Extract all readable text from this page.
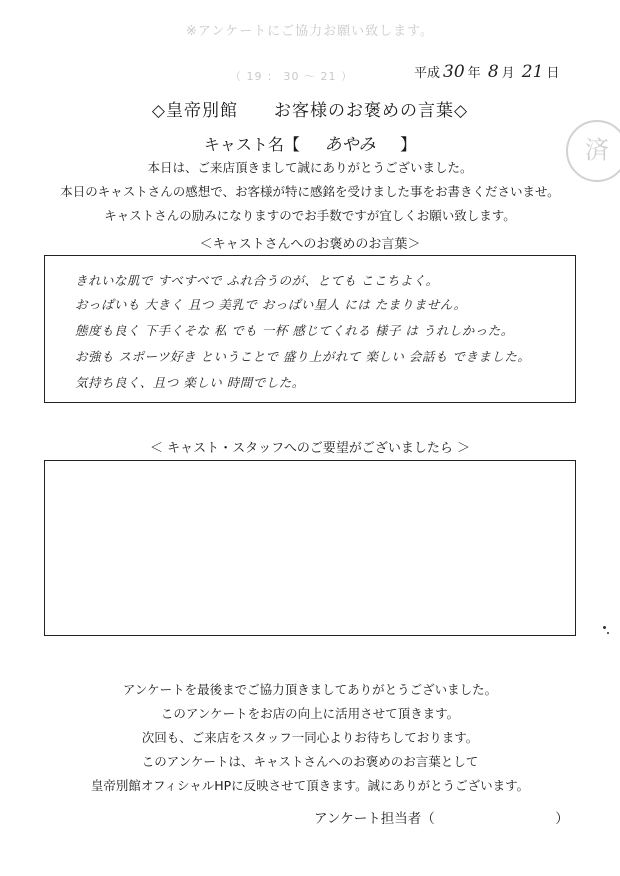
※アンケートにご協力お願い致します。
（ 19 ： 30 ～ 21 ）
済
平成 30 年 8 月 21 日
◇皇帝別館　　お客様のお褒めの言葉◇
キャスト名【 あやみ 】
本日は、ご来店頂きまして誠にありがとうございました。
本日のキャストさんの感想で、お客様が特に感銘を受けました事をお書きくださいませ。
キャストさんの励みになりますのでお手数ですが宜しくお願い致します。
＜キャストさんへのお褒めのお言葉＞
きれいな肌で すべすべで ふれ合うのが、とても ここちよく。
おっぱいも 大きく 且つ 美乳で おっぱい星人 には たまりません。
態度も良く 下手くそな 私 でも 一杯 感じてくれる 様子 は うれしかった。
お強も スポーツ好き ということで 盛り上がれて 楽しい 会話も できました。
気持ち良く、且つ 楽しい 時間でした。
＜ キャスト・スタッフへのご要望がございましたら ＞
アンケートを最後までご協力頂きましてありがとうございました。
このアンケートをお店の向上に活用させて頂きます。
次回も、ご来店をスタッフ一同心よりお待ちしております。
このアンケートは、キャストさんへのお褒めのお言葉として
皇帝別館オフィシャルHPに反映させて頂きます。誠にありがとうございます。
アンケート担当者（	）
